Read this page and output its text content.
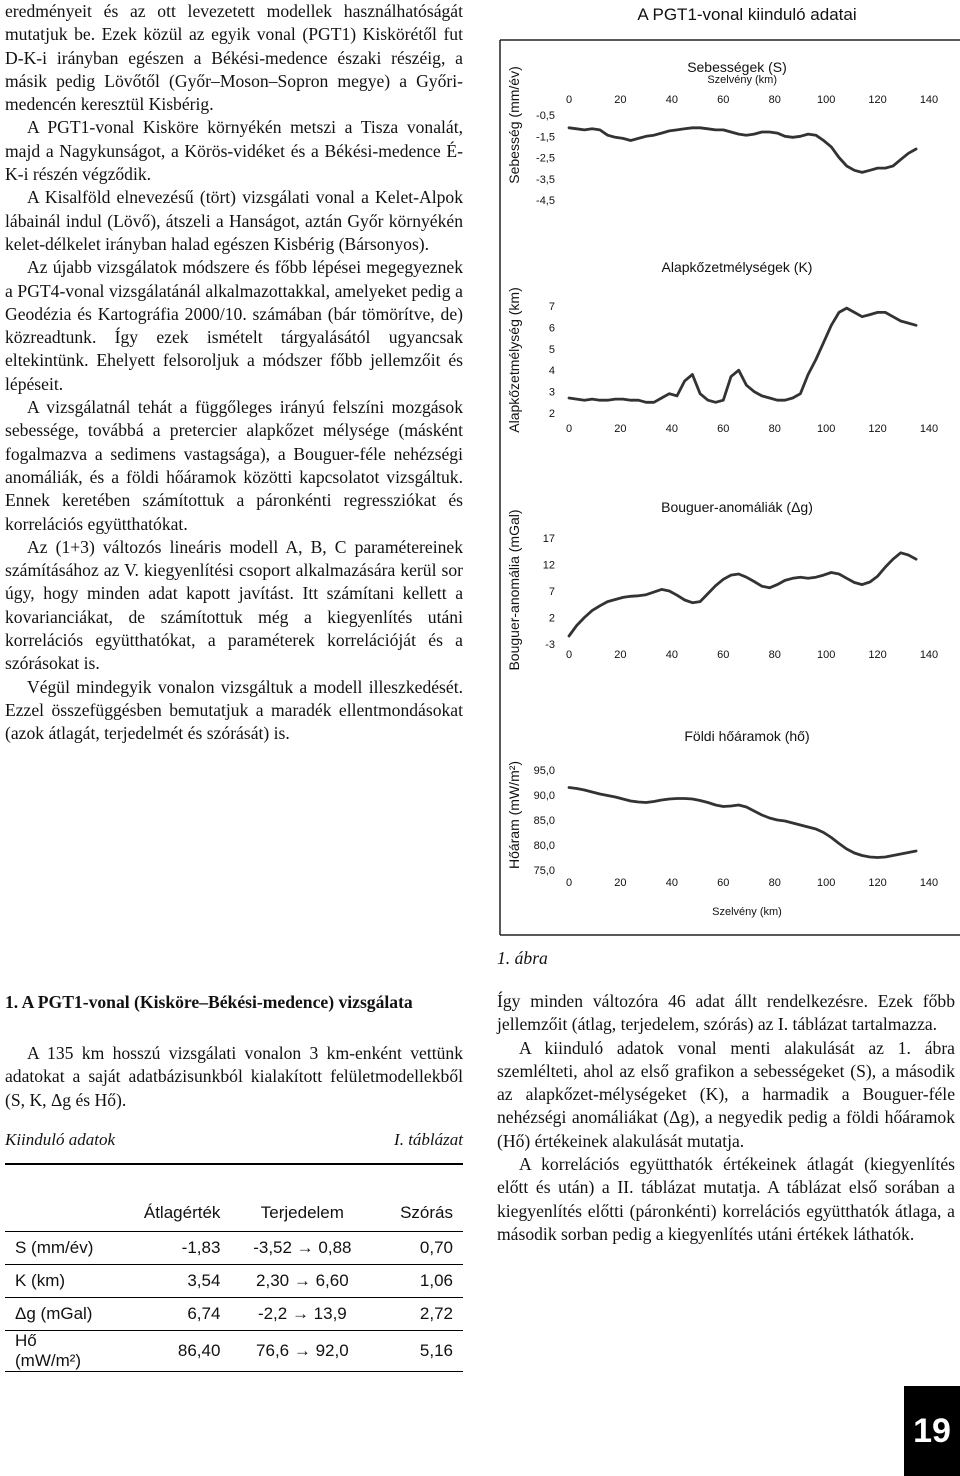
eredményeit és az ott levezetett modellek használhatóságát mutatjuk be. Ezek közül az egyik vonal (PGT1) Kiskörétől fut D-K-i irányban egészen a Békési-medence északi részéig, a másik pedig Lövőtől (Győr–Moson–Sopron megye) a Győri-medencén keresztül Kisbérig.

A PGT1-vonal Kisköre környékén metszi a Tisza vonalát, majd a Nagykunságot, a Körös-vidéket és a Békési-medence É-K-i részén végződik.

A Kisalföld elnevezésű (tört) vizsgálati vonal a Kelet-Alpok lábainál indul (Lövő), átszeli a Hanságot, aztán Győr környékén kelet-délkelet irányban halad egészen Kisbérig (Bársonyos).

Az újabb vizsgálatok módszere és főbb lépései megegyeznek a PGT4-vonal vizsgálatánál alkalmazottakkal, amelyeket pedig a Geodézia és Kartográfia 2000/10. számában (bár tömörítve, de) közreadtunk. Így ezek ismételt tárgyalásától ugyancsak eltekintünk. Ehelyett felsoroljuk a módszer főbb jellemzőit és lépéseit.

A vizsgálatnál tehát a függőleges irányú felszíni mozgások sebessége, továbbá a pretercier alapkőzet mélysége (másként fogalmazva a sedimens vastagsága), a Bouguer-féle nehézségi anomáliák, és a földi hőáramok közötti kapcsolatot vizsgáltuk. Ennek keretében számítottuk a páronkénti regressziókat és korrelációs együtthatókat.

Az (1+3) változós lineáris modell A, B, C paramétereinek számításához az V. kiegyenlítési csoport alkalmazására kerül sor úgy, hogy minden adat kapott javítást. Itt számítani kellett a kovarianciákat, de számítottuk még a kiegyenlítés utáni korrelációs együtthatókat, a paraméterek korrelációját és a szórásokat is.

Végül mindegyik vonalon vizsgáltuk a modell illeszkedését. Ezzel összefüggésben bemutatjuk a maradék ellentmondásokat (azok átlagát, terjedelmét és szórását) is.

1. A PGT1-vonal (Kisköre–Békési-medence) vizsgálata

A 135 km hosszú vizsgálati vonalon 3 km-enként vettünk adatokat a saját adatbázisunkból kialakított felületmodellekből (S, K, Δg és Hő).

Kiinduló adatok	I. táblázat
	Átlagérték	Terjedelem	Szórás
S (mm/év)	-1,83	-3,52 → 0,88	0,70
K (km)	3,54	2,30 → 6,60	1,06
Δg (mGal)	6,74	-2,2 → 13,9	2,72
Hő (mW/m²)	86,40	76,6 → 92,0	5,16
A PGT1-vonal kiinduló adatai
Sebességek (S)
Sebesség (mm/év) -0,5
-1,5
-2,5
-3,5
-4,5
0	20	40	60	80	100	120	140
Alapkőzetmélységek (K)
Alapkőzetmélység (km) 7
6
5
4
3
2
0	20	40	60	80	100	120	140
Bouguer-anomáliák (Δg)
Bouguer-anomália (mGal) 17
12
7
2
-3
0	20	40	60	80	100	120	140
Földi hőáramok (hő)
Hőáram (mW/m²) 95,0
90,0
85,0
80,0
75,0
0	20	40	60	80	100	120	140
Szelvény (km)
Szelvény (km)
1. ábra

Így minden változóra 46 adat állt rendelkezésre. Ezek főbb jellemzőit (átlag, terjedelem, szórás) az I. táblázat tartalmazza.

A kiinduló adatok vonal menti alakulását az 1. ábra szemlélteti, ahol az első grafikon a sebességeket (S), a második az alapkőzet-mélységeket (K), a harmadik a Bouguer-féle nehézségi anomáliákat (Δg), a negyedik pedig a földi hőáramok (Hő) értékeinek alakulását mutatja.

A korrelációs együtthatók értékeinek átlagát (kiegyenlítés előtt és után) a II. táblázat mutatja. A táblázat első sorában a kiegyenlítés előtti (páronkénti) korrelációs együtthatók átlaga, a második sorban pedig a kiegyenlítés utáni értékek láthatók.

19
